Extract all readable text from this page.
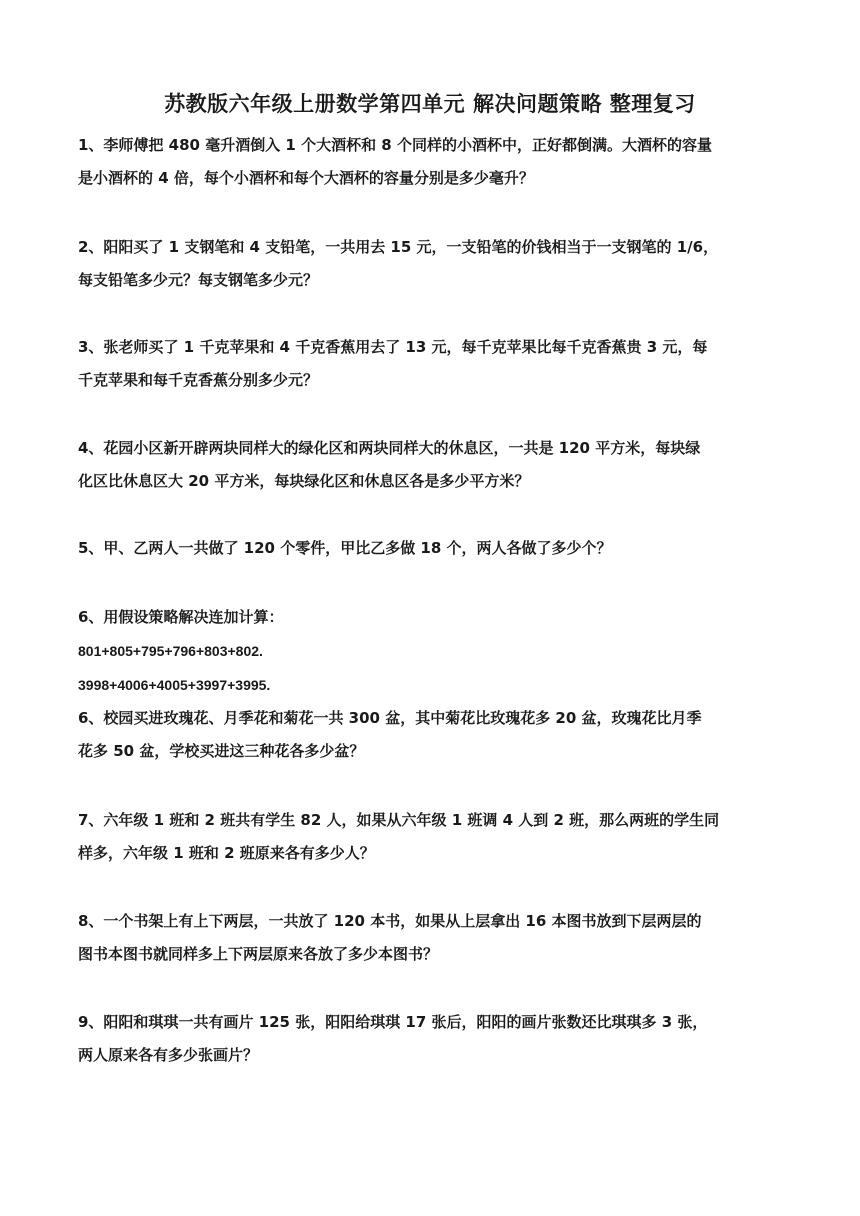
苏教版六年级上册数学第四单元 解决问题策略 整理复习

1、李师傅把 480 毫升酒倒入 1 个大酒杯和 8 个同样的小酒杯中，正好都倒满。大酒杯的容量

是小酒杯的 4 倍，每个小酒杯和每个大酒杯的容量分别是多少毫升？

2、阳阳买了 1 支钢笔和 4 支铅笔，一共用去 15 元，一支铅笔的价钱相当于一支钢笔的 1/6，

每支铅笔多少元？每支钢笔多少元？

3、张老师买了 1 千克苹果和 4 千克香蕉用去了 13 元，每千克苹果比每千克香蕉贵 3 元，每

千克苹果和每千克香蕉分别多少元？

4、花园小区新开辟两块同样大的绿化区和两块同样大的休息区，一共是 120 平方米，每块绿

化区比休息区大 20 平方米，每块绿化区和休息区各是多少平方米？

5、甲、乙两人一共做了 120 个零件，甲比乙多做 18 个，两人各做了多少个？

6、用假设策略解决连加计算：

801+805+795+796+803+802.
3998+4006+4005+3997+3995.

6、校园买进玫瑰花、月季花和菊花一共 300 盆，其中菊花比玫瑰花多 20 盆，玫瑰花比月季

花多 50 盆，学校买进这三种花各多少盆？

7、六年级 1 班和 2 班共有学生 82 人，如果从六年级 1 班调 4 人到 2 班，那么两班的学生同

样多，六年级 1 班和 2 班原来各有多少人？

8、一个书架上有上下两层，一共放了 120 本书，如果从上层拿出 16 本图书放到下层两层的

图书本图书就同样多上下两层原来各放了多少本图书？

9、阳阳和琪琪一共有画片 125 张，阳阳给琪琪 17 张后，阳阳的画片张数还比琪琪多 3 张，

两人原来各有多少张画片？
